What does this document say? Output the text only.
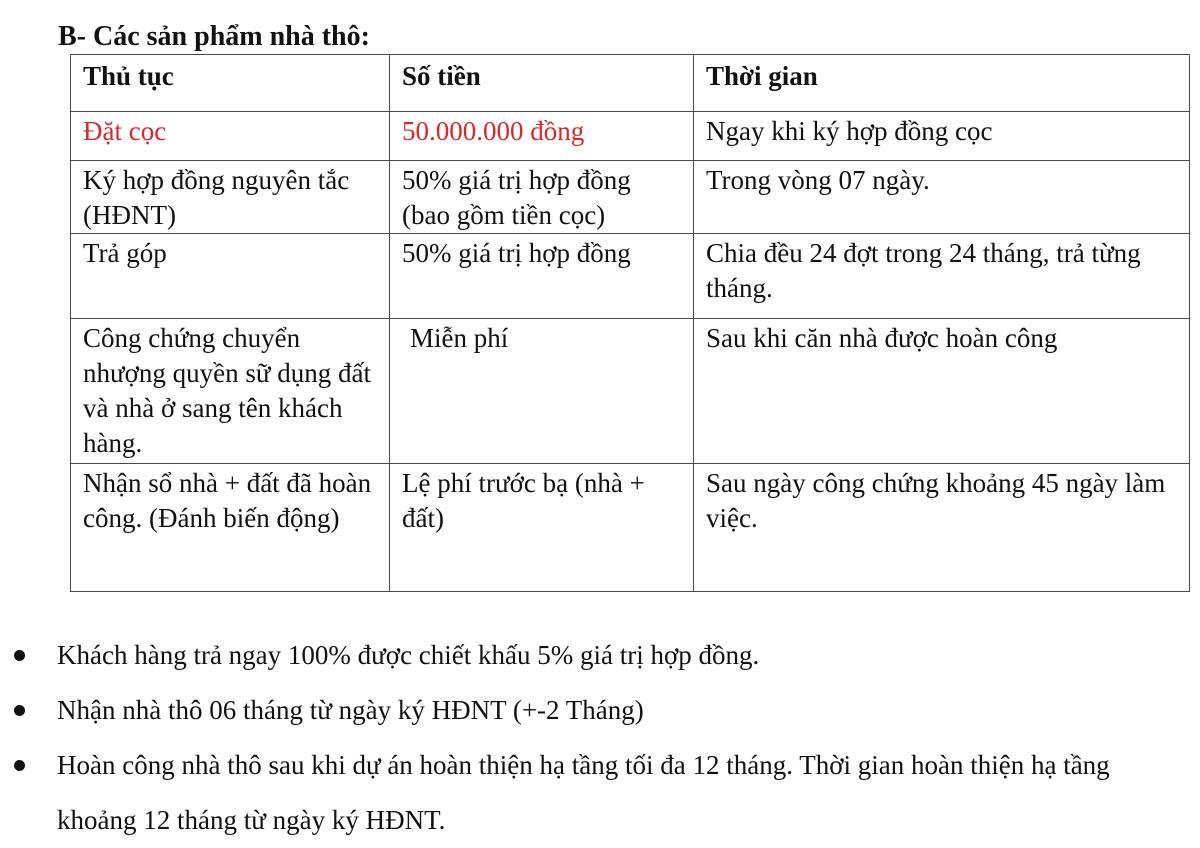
B- Các sản phẩm nhà thô:
Thủ tục	Số tiền	Thời gian
Đặt cọc	50.000.000 đồng	Ngay khi ký hợp đồng cọc
Ký hợp đồng nguyên tắc (HĐNT)	50% giá trị hợp đồng (bao gồm tiền cọc)	Trong vòng 07 ngày.
Trả góp	50% giá trị hợp đồng	Chia đều 24 đợt trong 24 tháng, trả từng tháng.
Công chứng chuyển nhượng quyền sữ dụng đất và nhà ở sang tên khách hàng.	Miễn phí	Sau khi căn nhà được hoàn công
Nhận sổ nhà + đất đã hoàn công. (Đánh biến động)	Lệ phí trước bạ (nhà + đất)	Sau ngày công chứng khoảng 45 ngày làm việc.
Khách hàng trả ngay 100% được chiết khấu 5% giá trị hợp đồng.
Nhận nhà thô 06 tháng từ ngày ký HĐNT (+-2 Tháng)
Hoàn công nhà thô sau khi dự án hoàn thiện hạ tầng tối đa 12 tháng. Thời gian hoàn thiện hạ tầng khoảng 12 tháng từ ngày ký HĐNT.
